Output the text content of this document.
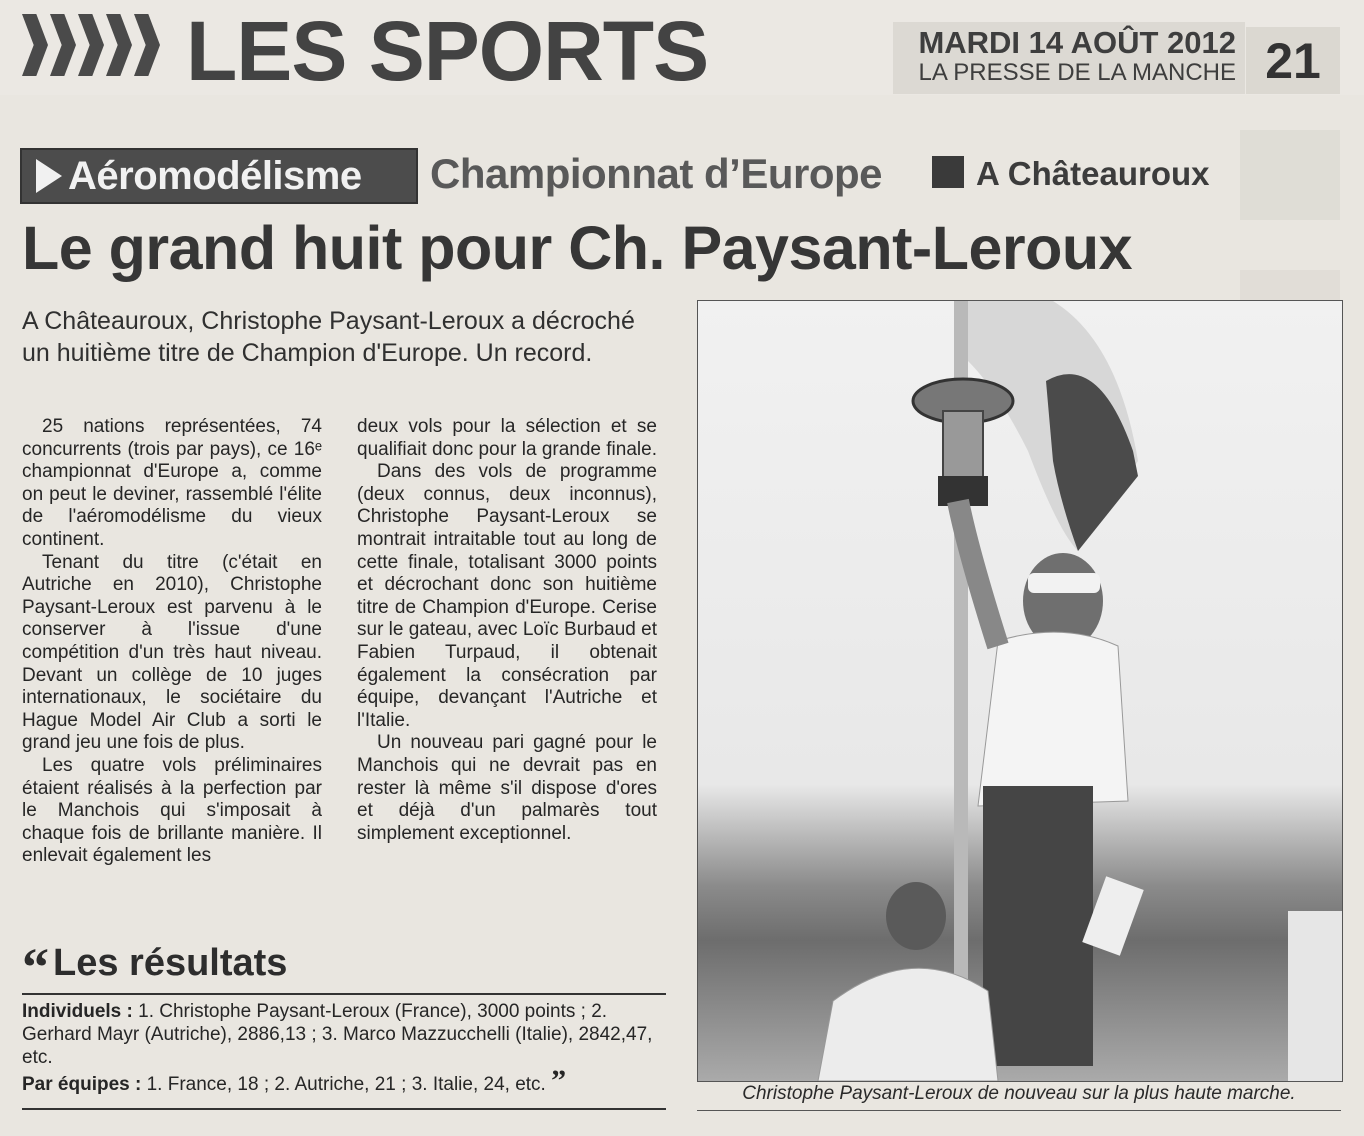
LES SPORTS	MARDI 14 AOÛT 2012
LA PRESSE DE LA MANCHE 21
Aéromodélisme Championnat d’Europe	A Châteauroux
Le grand huit pour Ch. Paysant-Leroux
A Châteauroux, Christophe Paysant-Leroux a décroché un huitième titre de Champion d'Europe. Un record.

25 nations représentées, 74 concurrents (trois par pays), ce 16ᵉ championnat d'Europe a, comme on peut le deviner, rassemblé l'élite de l'aéromodélisme du vieux continent.

Tenant du titre (c'était en Autriche en 2010), Christophe Paysant-Leroux est parvenu à le conserver à l'issue d'une compétition d'un très haut niveau. Devant un collège de 10 juges internationaux, le sociétaire du Hague Model Air Club a sorti le grand jeu une fois de plus.

Les quatre vols préliminaires étaient réalisés à la perfection par le Manchois qui s'imposait à chaque fois de brillante manière. Il enlevait également les

deux vols pour la sélection et se qualifiait donc pour la grande finale.

Dans des vols de programme (deux connus, deux inconnus), Christophe Paysant-Leroux se montrait intraitable tout au long de cette finale, totalisant 3000 points et décrochant donc son huitième titre de Champion d'Europe. Cerise sur le gateau, avec Loïc Burbaud et Fabien Turpaud, il obtenait également la consécration par équipe, devançant l'Autriche et l'Italie.

Un nouveau pari gagné pour le Manchois qui ne devrait pas en rester là même s'il dispose d'ores et déjà d'un palmarès tout simplement exceptionnel.

“ Les résultats
Individuels : 1. Christophe Paysant-Leroux (France), 3000 points ; 2. Gerhard Mayr (Autriche), 2886,13 ; 3. Marco Mazzucchelli (Italie), 2842,47, etc.
Par équipes : 1. France, 18 ; 2. Autriche, 21 ; 3. Italie, 24, etc. ”	Christophe Paysant-Leroux de nouveau sur la plus haute marche.
